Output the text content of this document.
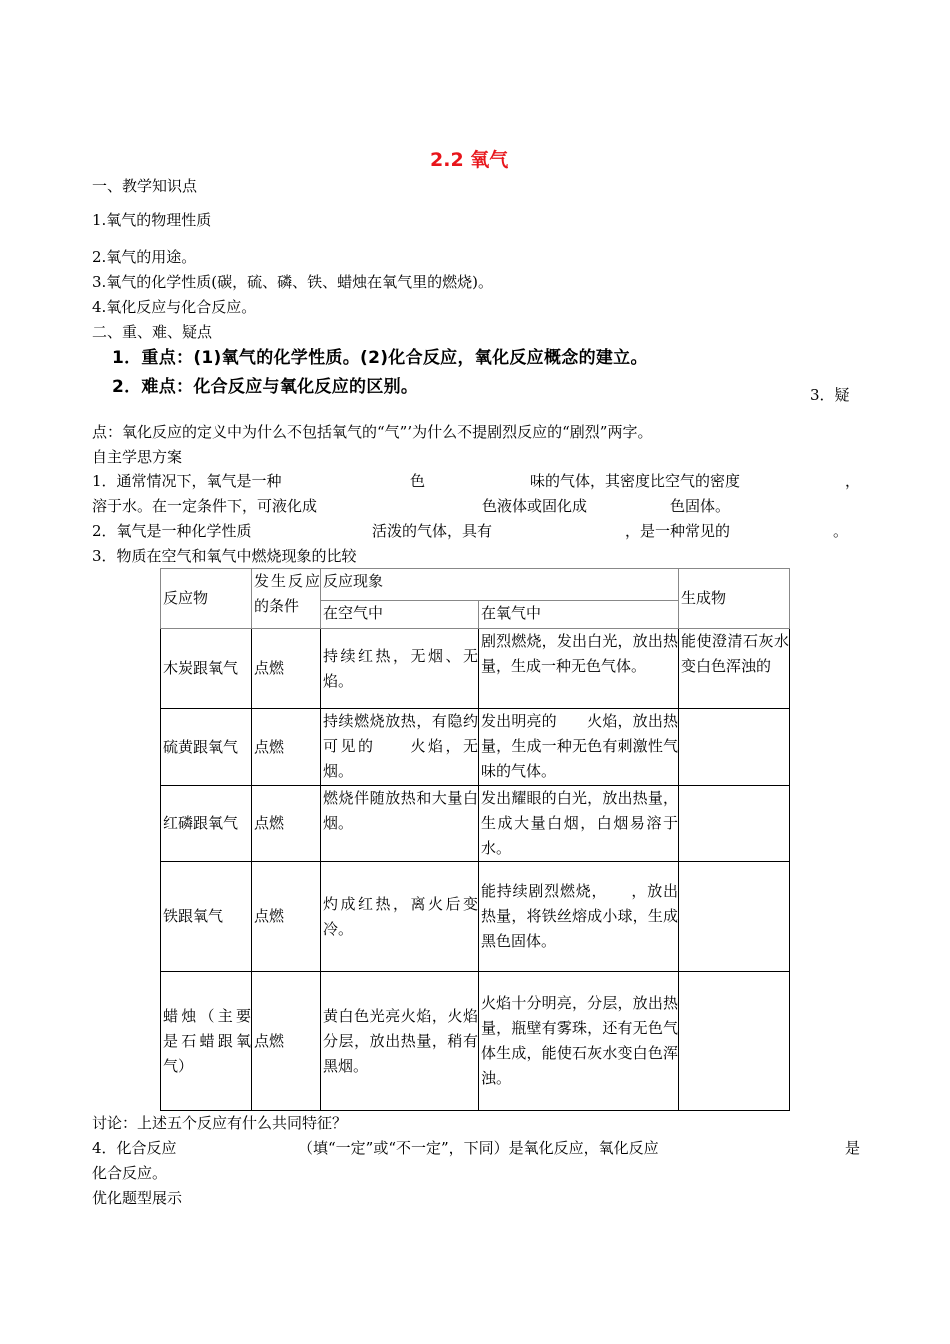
2.2 氧气
一、教学知识点
1.氧气的物理性质
2.氧气的用途。
3.氧气的化学性质(碳，硫、磷、铁、蜡烛在氧气里的燃烧)。
4.氧化反应与化合反应。
二、重、难、疑点
1．重点：(1)氧气的化学性质。(2)化合反应，氧化反应概念的建立。
2．难点：化合反应与氧化反应的区别。	3．疑
点：氧化反应的定义中为什么不包括氧气的“气”’为什么不提剧烈反应的“剧烈”两字。
自主学思方案
1．通常情况下，氧气是一种	色	味的气体，其密度比空气的密度	，
溶于水。在一定条件下，可液化成	色液体或固化成	色固体。
2．氧气是一种化学性质	活泼的气体，具有	，是一种常见的	。
3．物质在空气和氧气中燃烧现象的比较
反应物	发生反应的条件	反应现象		生成物
		在空气中	在氧气中	
木炭跟氧气	点燃	持续红热，无烟、无焰。	剧烈燃烧，发出白光，放出热量，生成一种无色气体。	能使澄清石灰水变白色浑浊的
硫黄跟氧气	点燃	持续燃烧放热，有隐约可见的　　火焰，无烟。	发出明亮的　　火焰，放出热量，生成一种无色有刺激性气味的气体。	
红磷跟氧气	点燃	燃烧伴随放热和大量白烟。	发出耀眼的白光，放出热量，生成大量白烟，白烟易溶于水。	
铁跟氧气	点燃	灼成红热，离火后变冷。	能持续剧烈燃烧，　　，放出热量，将铁丝熔成小球，生成黑色固体。	
蜡烛（主要是石蜡跟氧气）	点燃	黄白色光亮火焰，火焰分层，放出热量，稍有黑烟。	火焰十分明亮，分层，放出热量，瓶壁有雾珠，还有无色气体生成，能使石灰水变白色浑浊。	
讨论：上述五个反应有什么共同特征？
4．化合反应	（填“一定”或“不一定”，下同）是氧化反应，氧化反应	是
化合反应。
优化题型展示
